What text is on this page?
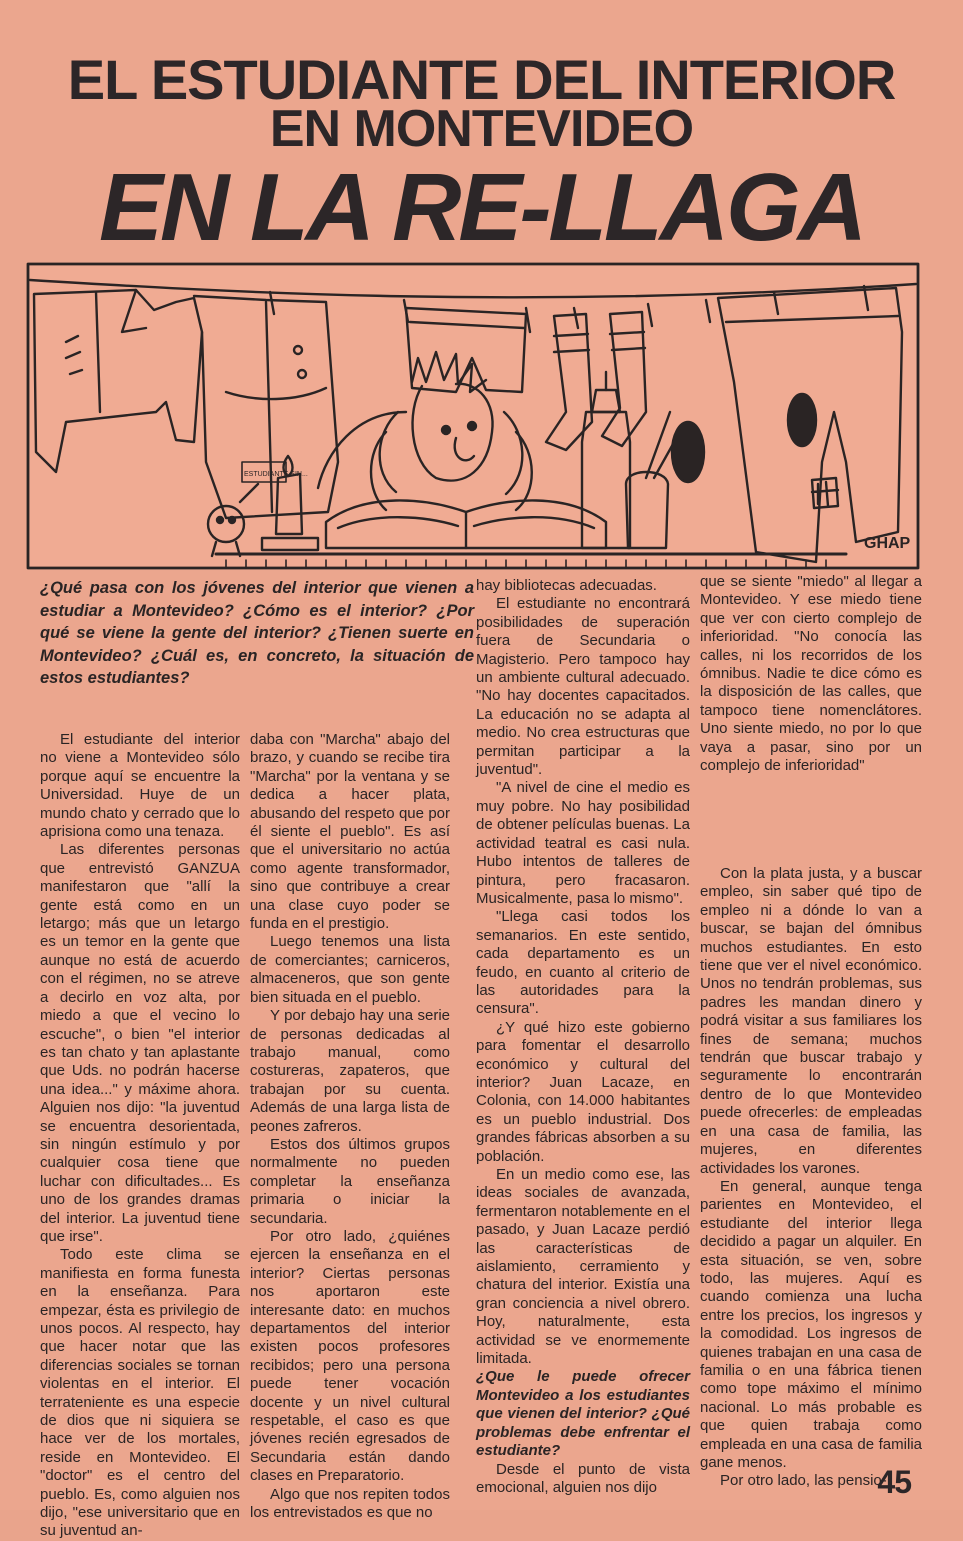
EL ESTUDIANTE DEL INTERIOR
EN MONTEVIDEO
EN LA RE-LLAGA
ESTUDIANTE SIN...
GHAP
¿Qué pasa con los jóvenes del interior que vienen a estudiar a Montevideo? ¿Cómo es el interior? ¿Por qué se viene la gente del interior? ¿Tienen suerte en Montevideo? ¿Cuál es, en concreto, la situación de estos estudiantes?

El estudiante del interior no viene a Montevideo sólo porque aquí se encuentre la Universidad. Huye de un mundo chato y cerrado que lo aprisiona como una tenaza.

Las diferentes personas que entrevistó GANZUA manifestaron que "allí la gente está como en un letargo; más que un letargo es un temor en la gente que aunque no está de acuerdo con el régimen, no se atreve a decirlo en voz alta, por miedo a que el vecino lo escuche", o bien "el interior es tan chato y tan aplastante que Uds. no podrán hacerse una idea..." y máxime ahora. Alguien nos dijo: "la juventud se encuentra desorientada, sin ningún estímulo y por cualquier cosa tiene que luchar con dificultades... Es uno de los grandes dramas del interior. La juventud tiene que irse".

Todo este clima se manifiesta en forma funesta en la enseñanza. Para empezar, ésta es privilegio de unos pocos. Al respecto, hay que hacer notar que las diferencias sociales se tornan violentas en el interior. El terrateniente es una especie de dios que ni siquiera se hace ver de los mortales, reside en Montevideo. El "doctor" es el centro del pueblo. Es, como alguien nos dijo, "ese universitario que en su juventud an-

daba con "Marcha" abajo del brazo, y cuando se recibe tira "Marcha" por la ventana y se dedica a hacer plata, abusando del respeto que por él siente el pueblo". Es así que el universitario no actúa como agente transformador, sino que contribuye a crear una clase cuyo poder se funda en el prestigio.

Luego tenemos una lista de comerciantes; carniceros, almaceneros, que son gente bien situada en el pueblo.

Y por debajo hay una serie de personas dedicadas al trabajo manual, como costureras, zapateros, que trabajan por su cuenta. Además de una larga lista de peones zafreros.

Estos dos últimos grupos normalmente no pueden completar la enseñanza primaria o iniciar la secundaria.

Por otro lado, ¿quiénes ejercen la enseñanza en el interior? Ciertas personas nos aportaron este interesante dato: en muchos departamentos del interior existen pocos profesores recibidos; pero una persona puede tener vocación docente y un nivel cultural respetable, el caso es que jóvenes recién egresados de Secundaria están dando clases en Preparatorio.

Algo que nos repiten todos los entrevistados es que no

hay bibliotecas adecuadas.

El estudiante no encontrará posibilidades de superación fuera de Secundaria o Magisterio. Pero tampoco hay un ambiente cultural adecuado. "No hay docentes capacitados. La educación no se adapta al medio. No crea estructuras que permitan participar a la juventud".

"A nivel de cine el medio es muy pobre. No hay posibilidad de obtener películas buenas. La actividad teatral es casi nula. Hubo intentos de talleres de pintura, pero fracasaron. Musicalmente, pasa lo mismo".

"Llega casi todos los semanarios. En este sentido, cada departamento es un feudo, en cuanto al criterio de las autoridades para la censura".

¿Y qué hizo este gobierno para fomentar el desarrollo económico y cultural del interior? Juan Lacaze, en Colonia, con 14.000 habitantes es un pueblo industrial. Dos grandes fábricas absorben a su población.

En un medio como ese, las ideas sociales de avanzada, fermentaron notablemente en el pasado, y Juan Lacaze perdió las características de aislamiento, cerramiento y chatura del interior. Existía una gran conciencia a nivel obrero. Hoy, naturalmente, esta actividad se ve enormemente limitada.

¿Que le puede ofrecer Montevideo a los estudiantes que vienen del interior? ¿Qué problemas debe enfrentar el estudiante?

Desde el punto de vista emocional, alguien nos dijo

que se siente "miedo" al llegar a Montevideo. Y ese miedo tiene que ver con cierto complejo de inferioridad. "No conocía las calles, ni los recorridos de los ómnibus. Nadie te dice cómo es la disposición de las calles, que tampoco tiene nomenclátores. Uno siente miedo, no por lo que vaya a pasar, sino por un complejo de inferioridad"

Con la plata justa, y a buscar empleo, sin saber qué tipo de empleo ni a dónde lo van a buscar, se bajan del ómnibus muchos estudiantes. En esto tiene que ver el nivel económico. Unos no tendrán problemas, sus padres les mandan dinero y podrá visitar a sus familiares los fines de semana; muchos tendrán que buscar trabajo y seguramente lo encontrarán dentro de lo que Montevideo puede ofrecerles: de empleadas en una casa de familia, las mujeres, en diferentes actividades los varones.

En general, aunque tenga parientes en Montevideo, el estudiante del interior llega decidido a pagar un alquiler. En esta situación, se ven, sobre todo, las mujeres. Aquí es cuando comienza una lucha entre los precios, los ingresos y la comodidad. Los ingresos de quienes trabajan en una casa de familia o en una fábrica tienen como tope máximo el mínimo nacional. Lo más probable es que quien trabaja como empleada en una casa de familia gane menos.

Por otro lado, las pensio-

45
